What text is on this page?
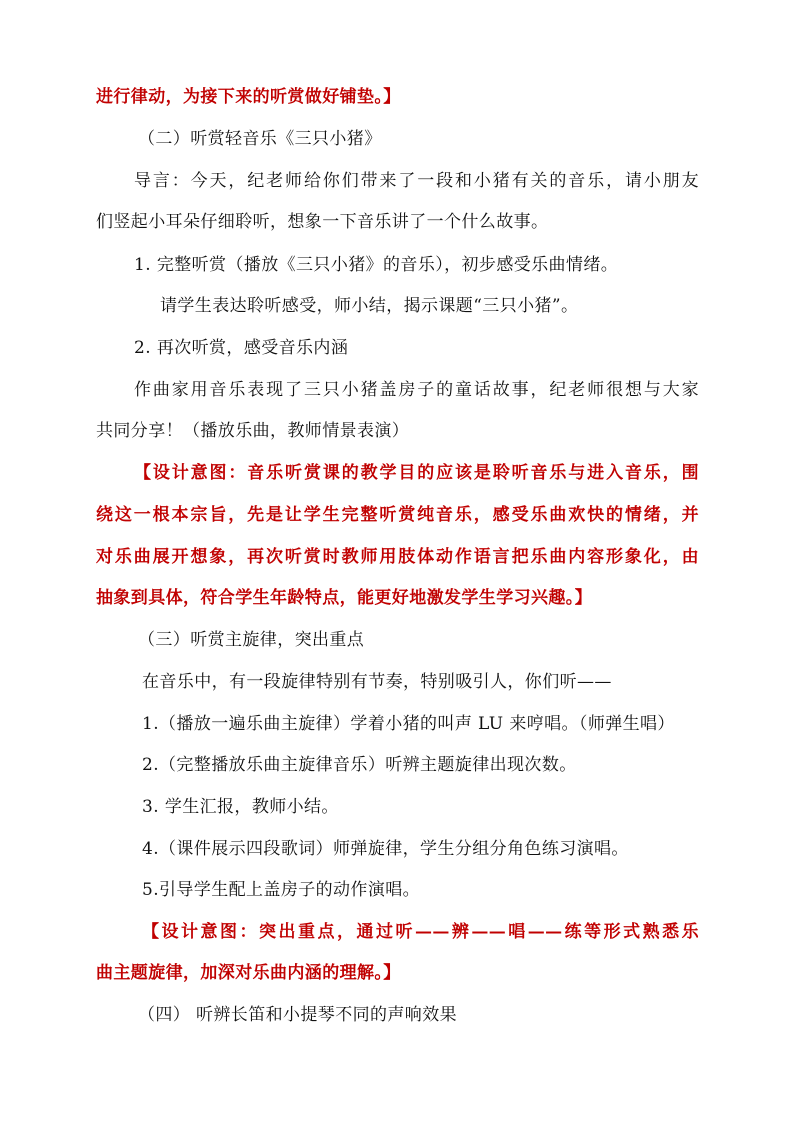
进行律动，为接下来的听赏做好铺垫。】
（二）听赏轻音乐《三只小猪》
导言：今天，纪老师给你们带来了一段和小猪有关的音乐，请小朋友
们竖起小耳朵仔细聆听，想象一下音乐讲了一个什么故事。
1. 完整听赏（播放《三只小猪》的音乐），初步感受乐曲情绪。
请学生表达聆听感受，师小结，揭示课题“三只小猪”。
2. 再次听赏，感受音乐内涵
作曲家用音乐表现了三只小猪盖房子的童话故事，纪老师很想与大家
共同分享！（播放乐曲，教师情景表演）
【设计意图：音乐听赏课的教学目的应该是聆听音乐与进入音乐，围
绕这一根本宗旨，先是让学生完整听赏纯音乐，感受乐曲欢快的情绪，并
对乐曲展开想象，再次听赏时教师用肢体动作语言把乐曲内容形象化，由
抽象到具体，符合学生年龄特点，能更好地激发学生学习兴趣。】
（三）听赏主旋律，突出重点
在音乐中，有一段旋律特别有节奏，特别吸引人，你们听——
1.（播放一遍乐曲主旋律）学着小猪的叫声 LU 来哼唱。（师弹生唱）
2.（完整播放乐曲主旋律音乐）听辨主题旋律出现次数。
3. 学生汇报，教师小结。
4.（课件展示四段歌词）师弹旋律，学生分组分角色练习演唱。
5.引导学生配上盖房子的动作演唱。
【设计意图：突出重点，通过听——辨——唱——练等形式熟悉乐
曲主题旋律，加深对乐曲内涵的理解。】
（四） 听辨长笛和小提琴不同的声响效果
